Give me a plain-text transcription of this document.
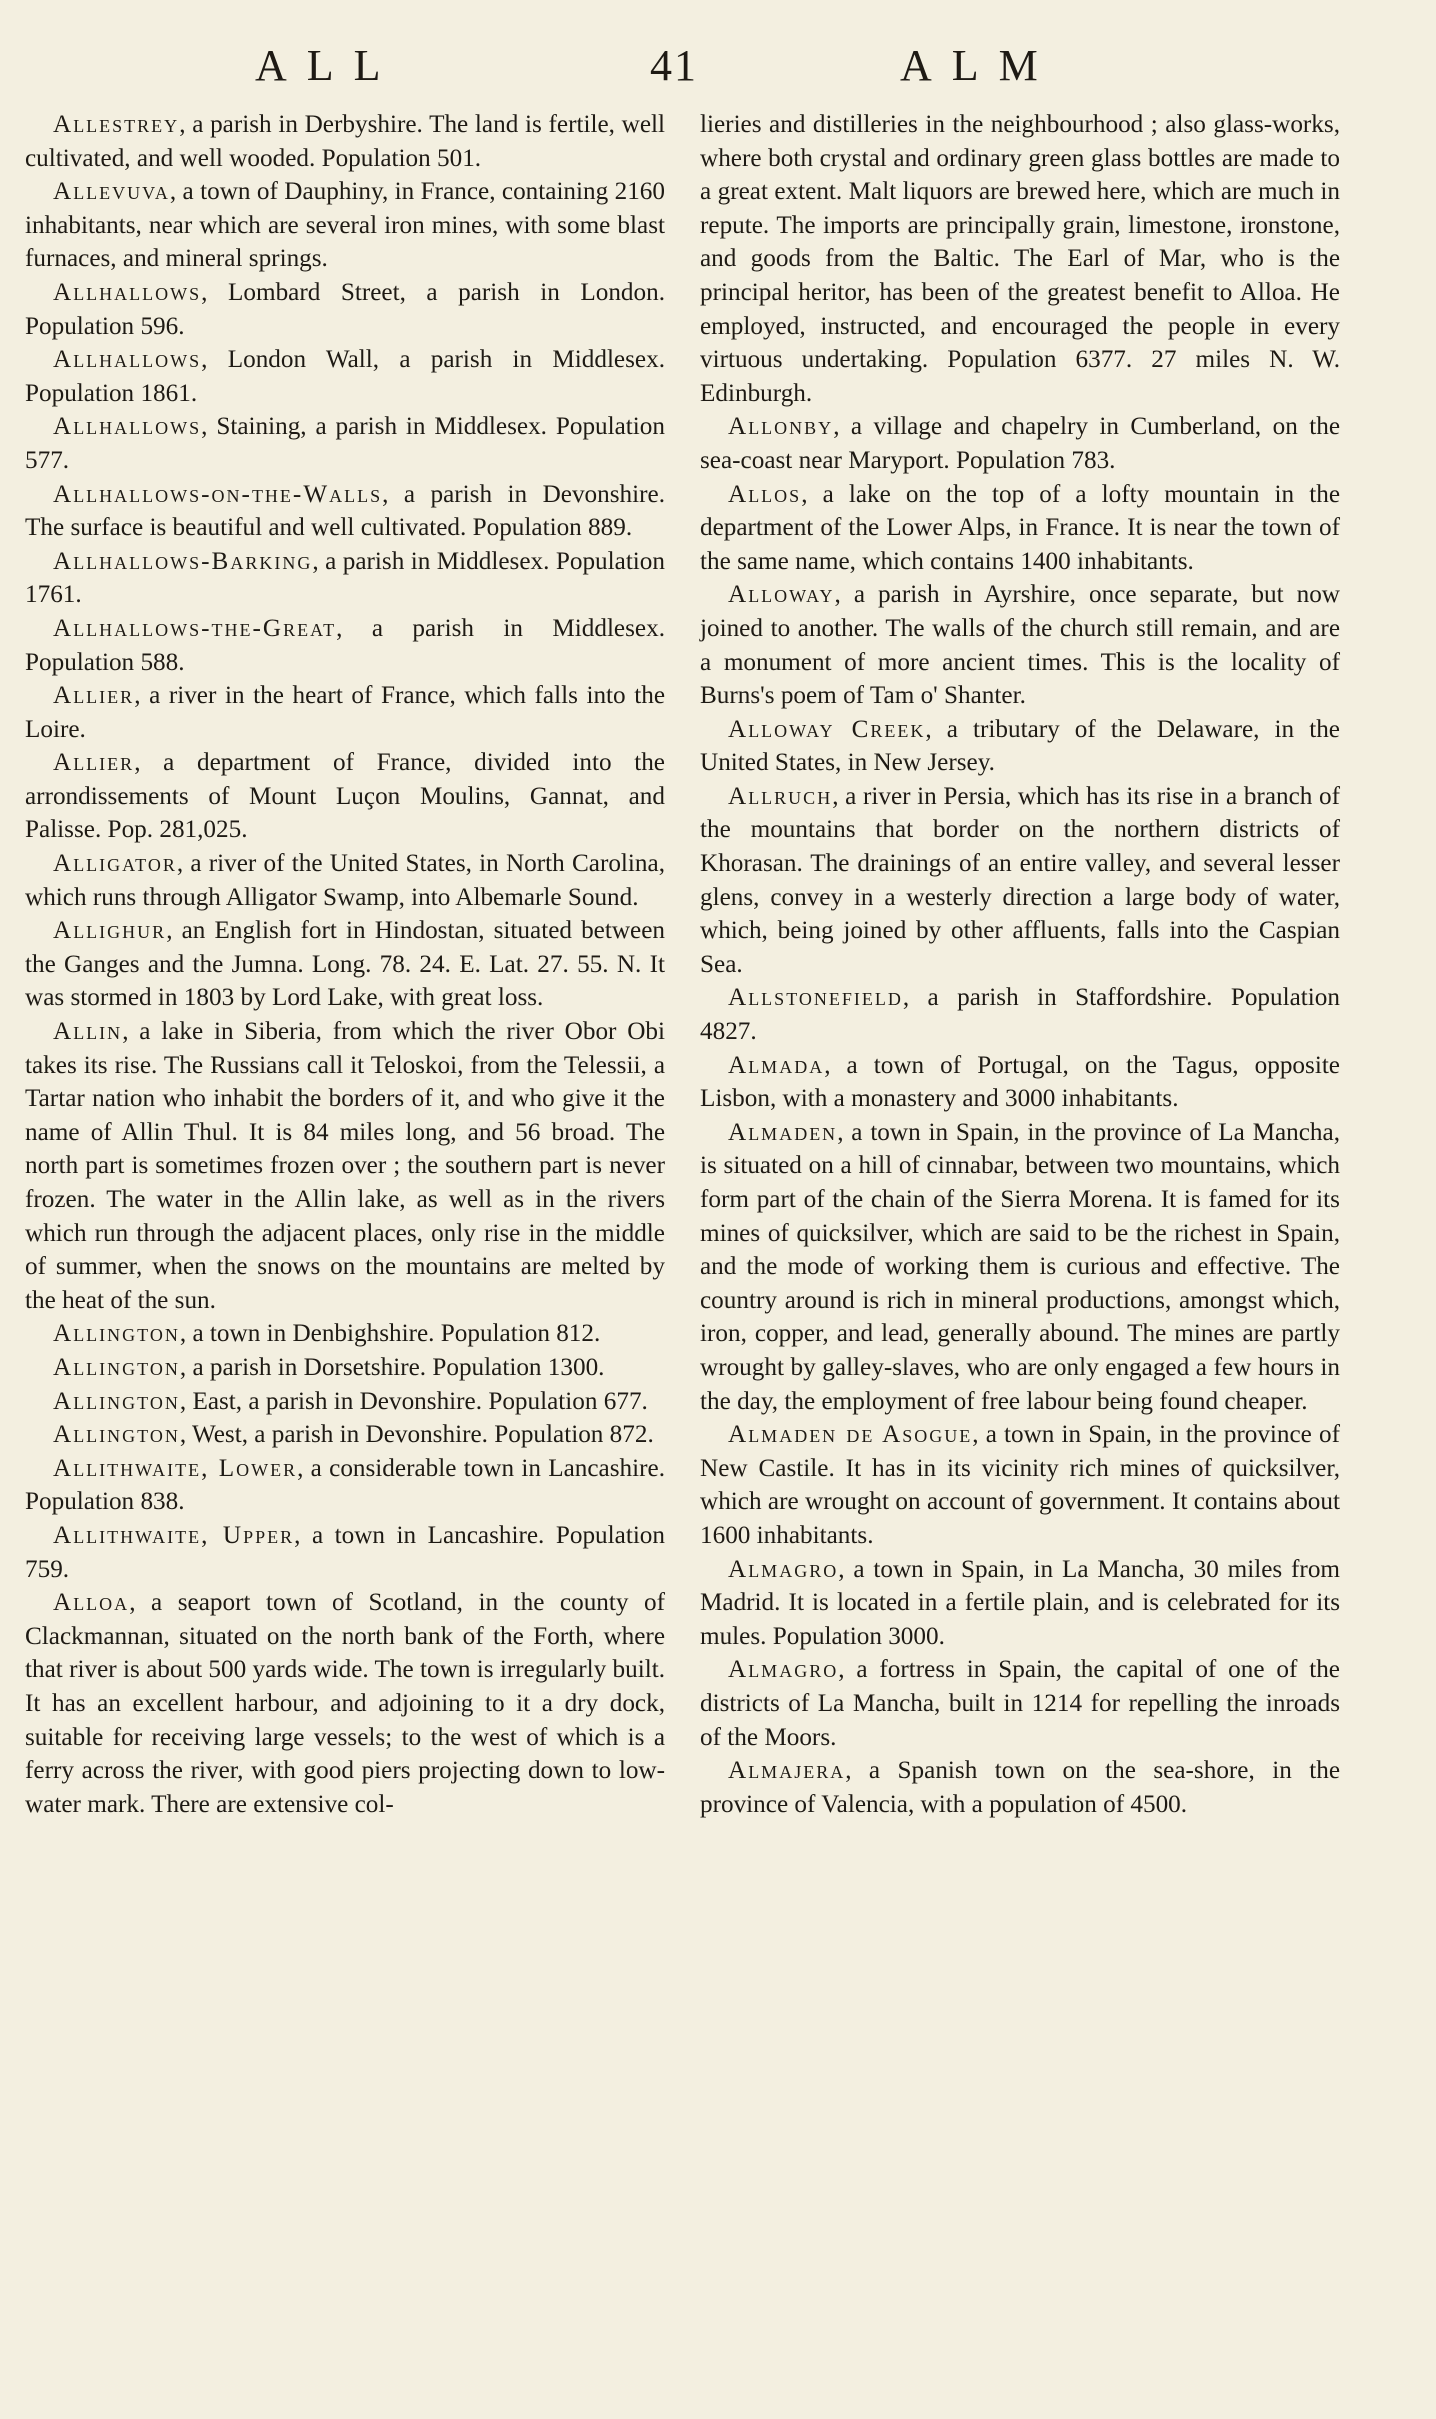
ALL	41	ALM

Allestrey, a parish in Derbyshire. The land is fertile, well cultivated, and well wooded. Population 501.

Allevuva, a town of Dauphiny, in France, containing 2160 inhabitants, near which are several iron mines, with some blast furnaces, and mineral springs.

Allhallows, Lombard Street, a parish in London. Population 596.

Allhallows, London Wall, a parish in Middlesex. Population 1861.

Allhallows, Staining, a parish in Middlesex. Population 577.

Allhallows-on-the-Walls, a parish in Devonshire. The surface is beautiful and well cultivated. Population 889.

Allhallows-Barking, a parish in Middlesex. Population 1761.

Allhallows-the-Great, a parish in Middlesex. Population 588.

Allier, a river in the heart of France, which falls into the Loire.

Allier, a department of France, divided into the arrondissements of Mount Luçon Moulins, Gannat, and Palisse. Pop. 281,025.

Alligator, a river of the United States, in North Carolina, which runs through Alligator Swamp, into Albemarle Sound.

Allighur, an English fort in Hindostan, situated between the Ganges and the Jumna. Long. 78. 24. E. Lat. 27. 55. N. It was stormed in 1803 by Lord Lake, with great loss.

Allin, a lake in Siberia, from which the river Obor Obi takes its rise. The Russians call it Teloskoi, from the Telessii, a Tartar nation who inhabit the borders of it, and who give it the name of Allin Thul. It is 84 miles long, and 56 broad. The north part is sometimes frozen over ; the southern part is never frozen. The water in the Allin lake, as well as in the rivers which run through the adjacent places, only rise in the middle of summer, when the snows on the mountains are melted by the heat of the sun.

Allington, a town in Denbighshire. Population 812.

Allington, a parish in Dorsetshire. Population 1300.

Allington, East, a parish in Devonshire. Population 677.

Allington, West, a parish in Devonshire. Population 872.

Allithwaite, Lower, a considerable town in Lancashire. Population 838.

Allithwaite, Upper, a town in Lancashire. Population 759.

Alloa, a seaport town of Scotland, in the county of Clackmannan, situated on the north bank of the Forth, where that river is about 500 yards wide. The town is irregularly built. It has an excellent harbour, and adjoining to it a dry dock, suitable for receiving large vessels; to the west of which is a ferry across the river, with good piers projecting down to low-water mark. There are extensive col-

lieries and distilleries in the neighbourhood ; also glass-works, where both crystal and ordinary green glass bottles are made to a great extent. Malt liquors are brewed here, which are much in repute. The imports are principally grain, limestone, ironstone, and goods from the Baltic. The Earl of Mar, who is the principal heritor, has been of the greatest benefit to Alloa. He employed, instructed, and encouraged the people in every virtuous undertaking. Population 6377. 27 miles N. W. Edinburgh.

Allonby, a village and chapelry in Cumberland, on the sea-coast near Maryport. Population 783.

Allos, a lake on the top of a lofty mountain in the department of the Lower Alps, in France. It is near the town of the same name, which contains 1400 inhabitants.

Alloway, a parish in Ayrshire, once separate, but now joined to another. The walls of the church still remain, and are a monument of more ancient times. This is the locality of Burns's poem of Tam o' Shanter.

Alloway Creek, a tributary of the Delaware, in the United States, in New Jersey.

Allruch, a river in Persia, which has its rise in a branch of the mountains that border on the northern districts of Khorasan. The drainings of an entire valley, and several lesser glens, convey in a westerly direction a large body of water, which, being joined by other affluents, falls into the Caspian Sea.

Allstonefield, a parish in Staffordshire. Population 4827.

Almada, a town of Portugal, on the Tagus, opposite Lisbon, with a monastery and 3000 inhabitants.

Almaden, a town in Spain, in the province of La Mancha, is situated on a hill of cinnabar, between two mountains, which form part of the chain of the Sierra Morena. It is famed for its mines of quicksilver, which are said to be the richest in Spain, and the mode of working them is curious and effective. The country around is rich in mineral productions, amongst which, iron, copper, and lead, generally abound. The mines are partly wrought by galley-slaves, who are only engaged a few hours in the day, the employment of free labour being found cheaper.

Almaden de Asogue, a town in Spain, in the province of New Castile. It has in its vicinity rich mines of quicksilver, which are wrought on account of government. It contains about 1600 inhabitants.

Almagro, a town in Spain, in La Mancha, 30 miles from Madrid. It is located in a fertile plain, and is celebrated for its mules. Population 3000.

Almagro, a fortress in Spain, the capital of one of the districts of La Mancha, built in 1214 for repelling the inroads of the Moors.

Almajera, a Spanish town on the sea-shore, in the province of Valencia, with a population of 4500.
